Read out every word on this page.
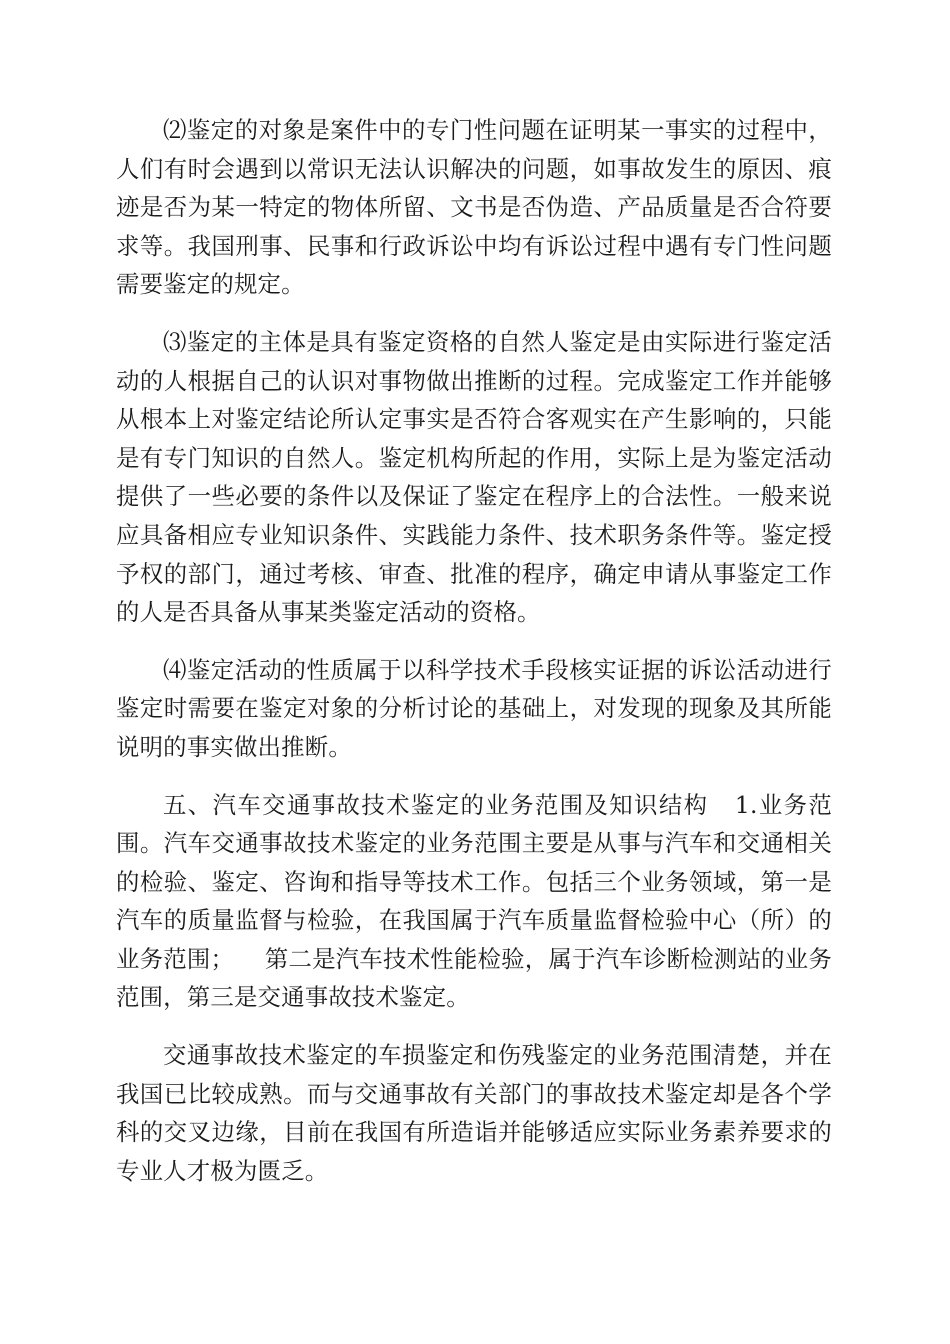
⑵鉴定的对象是案件中的专门性问题在证明某一事实的过程中，人们有时会遇到以常识无法认识解决的问题，如事故发生的原因、痕迹是否为某一特定的物体所留、文书是否伪造、产品质量是否合符要求等。我国刑事、民事和行政诉讼中均有诉讼过程中遇有专门性问题需要鉴定的规定。

⑶鉴定的主体是具有鉴定资格的自然人鉴定是由实际进行鉴定活动的人根据自己的认识对事物做出推断的过程。完成鉴定工作并能够从根本上对鉴定结论所认定事实是否符合客观实在产生影响的，只能是有专门知识的自然人。鉴定机构所起的作用，实际上是为鉴定活动提供了一些必要的条件以及保证了鉴定在程序上的合法性。一般来说应具备相应专业知识条件、实践能力条件、技术职务条件等。鉴定授予权的部门，通过考核、审查、批准的程序，确定申请从事鉴定工作的人是否具备从事某类鉴定活动的资格。

⑷鉴定活动的性质属于以科学技术手段核实证据的诉讼活动进行鉴定时需要在鉴定对象的分析讨论的基础上，对发现的现象及其所能说明的事实做出推断。

五、汽车交通事故技术鉴定的业务范围及知识结构   1.业务范围。汽车交通事故技术鉴定的业务范围主要是从事与汽车和交通相关的检验、鉴定、咨询和指导等技术工作。包括三个业务领域，第一是汽车的质量监督与检验，在我国属于汽车质量监督检验中心（所）的业务范围；    第二是汽车技术性能检验，属于汽车诊断检测站的业务范围，第三是交通事故技术鉴定。

交通事故技术鉴定的车损鉴定和伤残鉴定的业务范围清楚，并在我国已比较成熟。而与交通事故有关部门的事故技术鉴定却是各个学科的交叉边缘，目前在我国有所造诣并能够适应实际业务素养要求的专业人才极为匮乏。
